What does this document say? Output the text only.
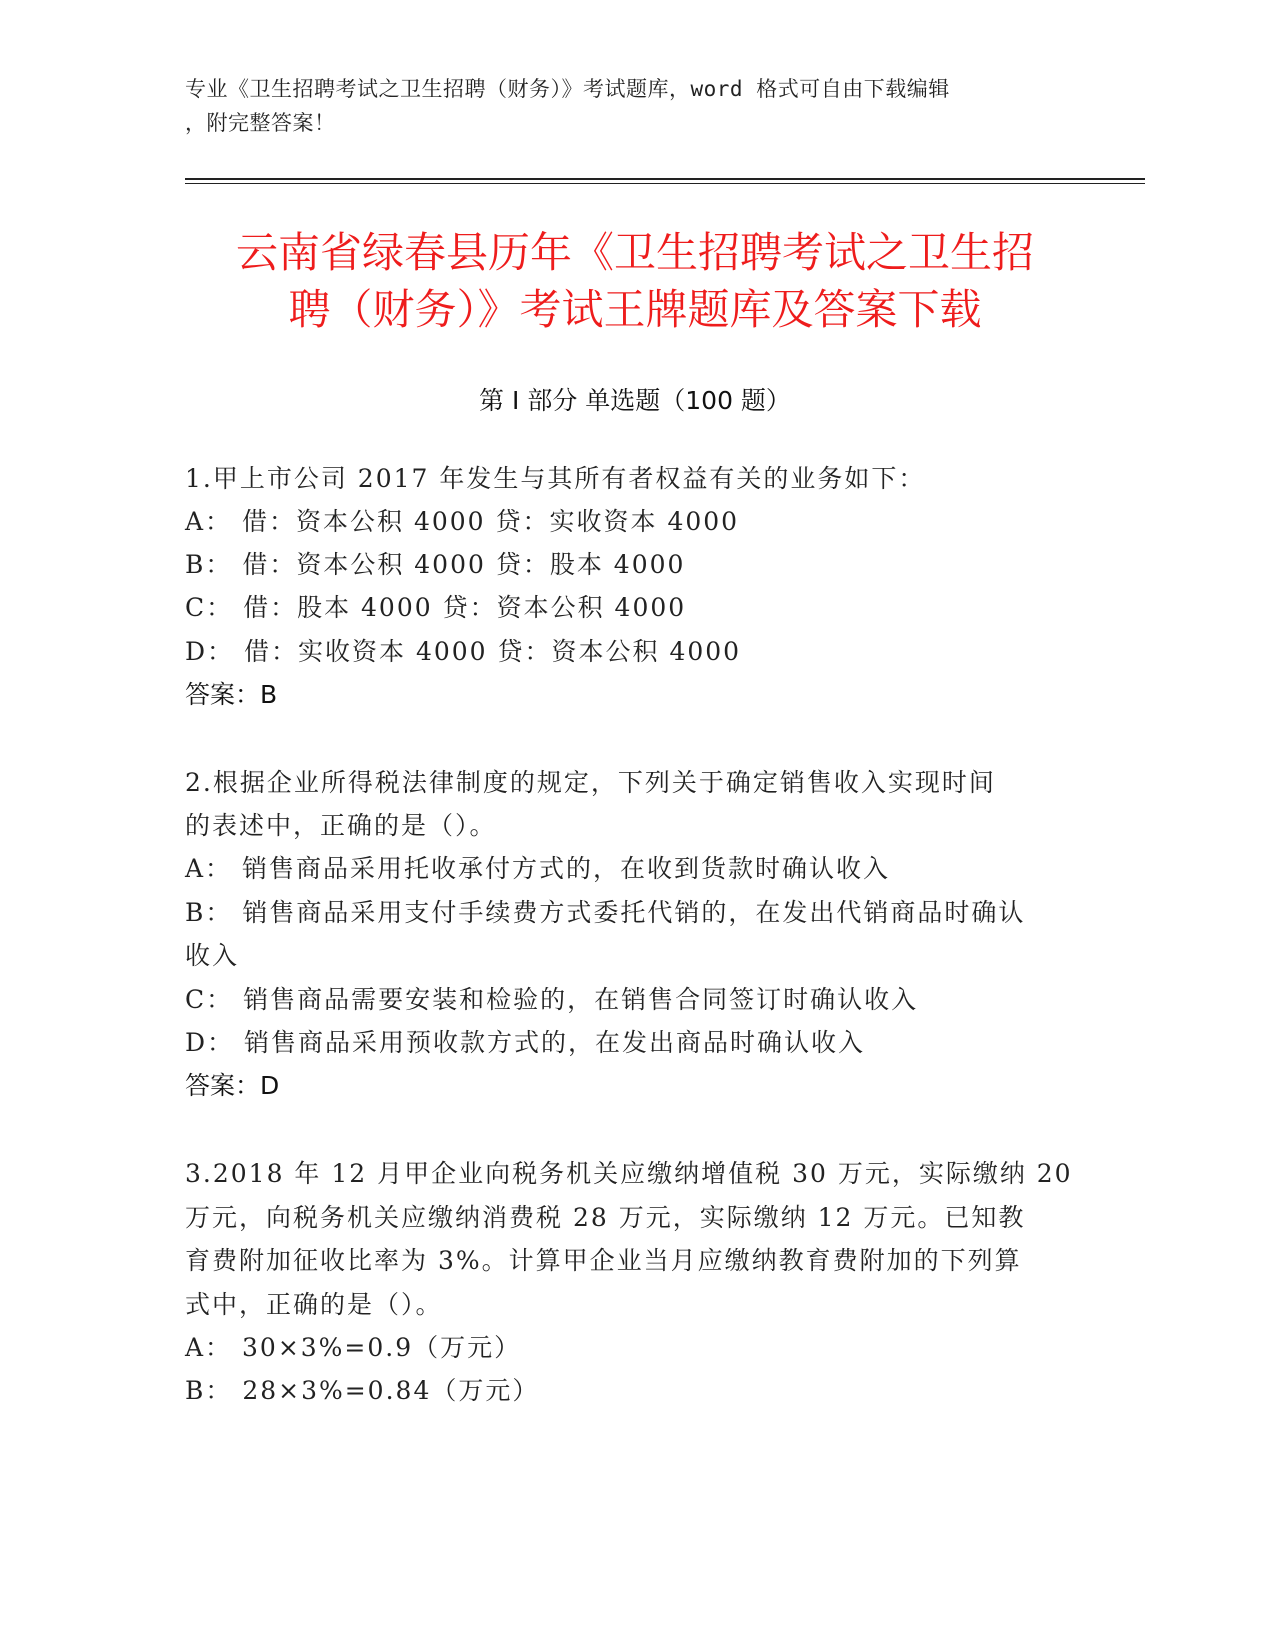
专业《卫生招聘考试之卫生招聘（财务）》考试题库，word 格式可自由下载编辑
，附完整答案！
云南省绿春县历年《卫生招聘考试之卫生招
聘（财务）》考试王牌题库及答案下载
第 I 部分 单选题（100 题）
1.甲上市公司 2017 年发生与其所有者权益有关的业务如下：
A： 借：资本公积 4000 贷：实收资本 4000
B： 借：资本公积 4000 贷：股本 4000
C： 借：股本 4000 贷：资本公积 4000
D： 借：实收资本 4000 贷：资本公积 4000
答案：B
2.根据企业所得税法律制度的规定，下列关于确定销售收入实现时间
的表述中，正确的是（）。
A： 销售商品采用托收承付方式的，在收到货款时确认收入
B： 销售商品采用支付手续费方式委托代销的，在发出代销商品时确认
收入
C： 销售商品需要安装和检验的，在销售合同签订时确认收入
D： 销售商品采用预收款方式的，在发出商品时确认收入
答案：D
3.2018 年 12 月甲企业向税务机关应缴纳增值税 30 万元，实际缴纳 20
万元，向税务机关应缴纳消费税 28 万元，实际缴纳 12 万元。已知教
育费附加征收比率为 3%。计算甲企业当月应缴纳教育费附加的下列算
式中，正确的是（）。
A： 30×3%=0.9（万元）
B： 28×3%=0.84（万元）
